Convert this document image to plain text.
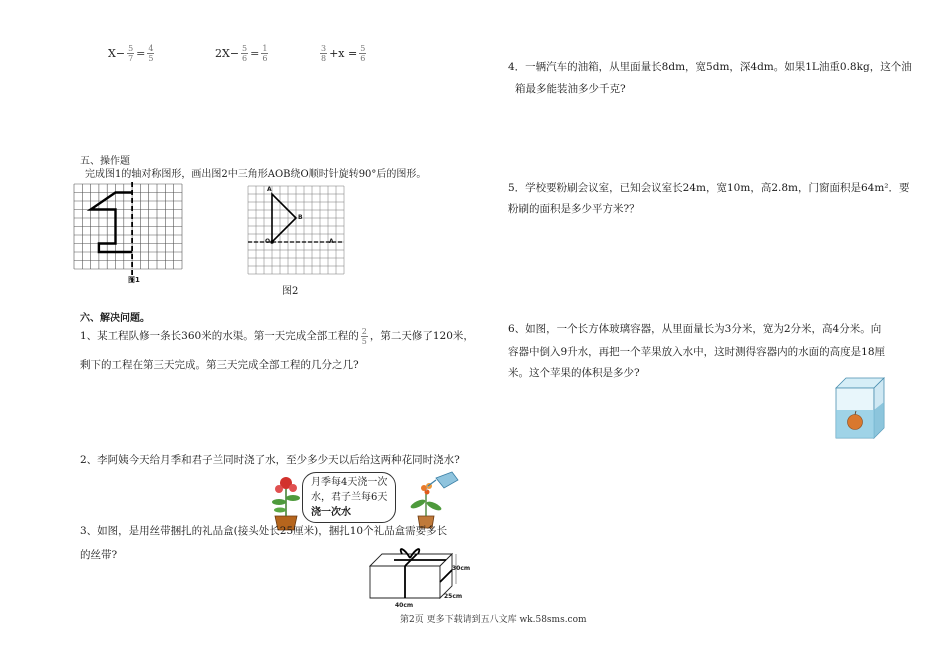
$X- \frac{5}{7} = \frac{4}{5}$	$2X- \frac{5}{6} = \frac{1}{6}$	$\frac{3}{8} +x = \frac{5}{6}$
五、操作题
完成图1的轴对称图形，画出图2中三角形AOB绕O顺时针旋转90°后的图形。
图1
A
B
O	A
图2
六、解决问题。
1、某工程队修一条长360米的水渠。第一天完成全部工程的 $\frac{2}{5}$ ，第二天修了120米，
剩下的工程在第三天完成。第三天完成全部工程的几分之几?
2、李阿姨今天给月季和君子兰同时浇了水，至少多少天以后给这两种花同时浇水?
月季每4天浇一次
水，君子兰每6天
浇一次水
3、如图，是用丝带捆扎的礼品盒(接头处长25厘米)，捆扎10个礼品盒需要多长
的丝带?
30cm
25cm
40cm
4．一辆汽车的油箱，从里面量长8dm，宽5dm，深4dm。如果1L油重0.8kg，这个油
箱最多能装油多少千克?
5．学校要粉刷会议室，已知会议室长24m，宽10m，高2.8m，门窗面积是64m²．要
粉刷的面积是多少平方米?？
6、如图，一个长方体玻璃容器，从里面量长为3分米，宽为2分米，高4分米。向
容器中倒入9升水，再把一个苹果放入水中，这时测得容器内的水面的高度是18厘
米。这个苹果的体积是多少?
第2页 更多下载请到五八文库 wk.58sms.com
